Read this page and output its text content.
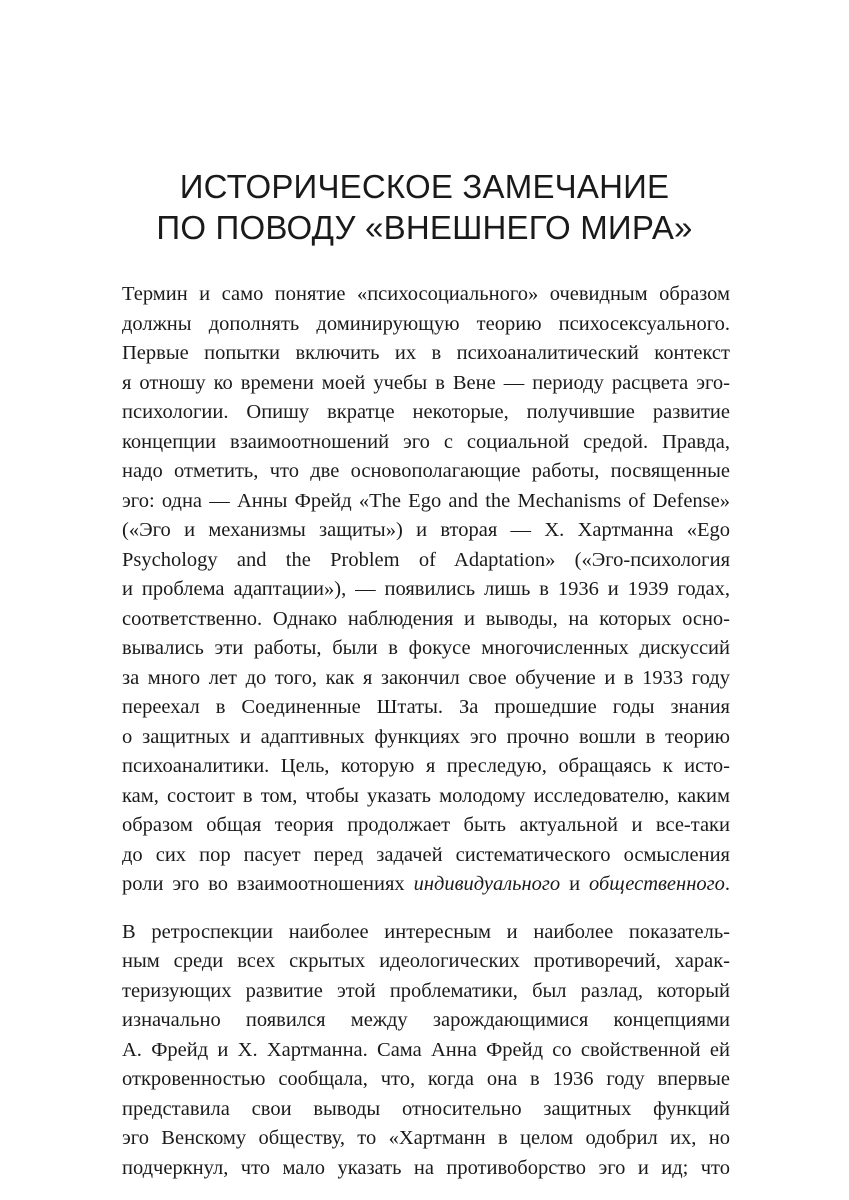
ИСТОРИЧЕСКОЕ ЗАМЕЧАНИЕ
ПО ПОВОДУ «ВНЕШНЕГО МИРА»
Термин и само понятие «психосоциального» очевидным образом
должны дополнять доминирующую теорию психосексуального.
Первые попытки включить их в психоаналитический контекст
я отношу ко времени моей учебы в Вене — периоду расцвета эго-
психологии. Опишу вкратце некоторые, получившие развитие
концепции взаимоотношений эго с социальной средой. Правда,
надо отметить, что две основополагающие работы, посвященные
эго: одна — Анны Фрейд «The Ego and the Mechanisms of Defense»
(«Эго и механизмы защиты») и вторая — Х. Хартманна «Ego
Psychology and the Problem of Adaptation» («Эго-психология
и проблема адаптации»), — появились лишь в 1936 и 1939 годах,
соответственно. Однако наблюдения и выводы, на которых осно-
вывались эти работы, были в фокусе многочисленных дискуссий
за много лет до того, как я закончил свое обучение и в 1933 году
переехал в Соединенные Штаты. За прошедшие годы знания
о защитных и адаптивных функциях эго прочно вошли в теорию
психоаналитики. Цель, которую я преследую, обращаясь к исто-
кам, состоит в том, чтобы указать молодому исследователю, каким
образом общая теория продолжает быть актуальной и все-таки
до сих пор пасует перед задачей систематического осмысления
роли эго во взаимоотношениях индивидуального и общественного.
В ретроспекции наиболее интересным и наиболее показатель-
ным среди всех скрытых идеологических противоречий, харак-
теризующих развитие этой проблематики, был разлад, который
изначально появился между зарождающимися концепциями
А. Фрейд и Х. Хартманна. Сама Анна Фрейд со свойственной ей
откровенностью сообщала, что, когда она в 1936 году впервые
представила свои выводы относительно защитных функций
эго Венскому обществу, то «Хартманн в целом одобрил их, но
подчеркнул, что мало указать на противоборство эго и ид; что
